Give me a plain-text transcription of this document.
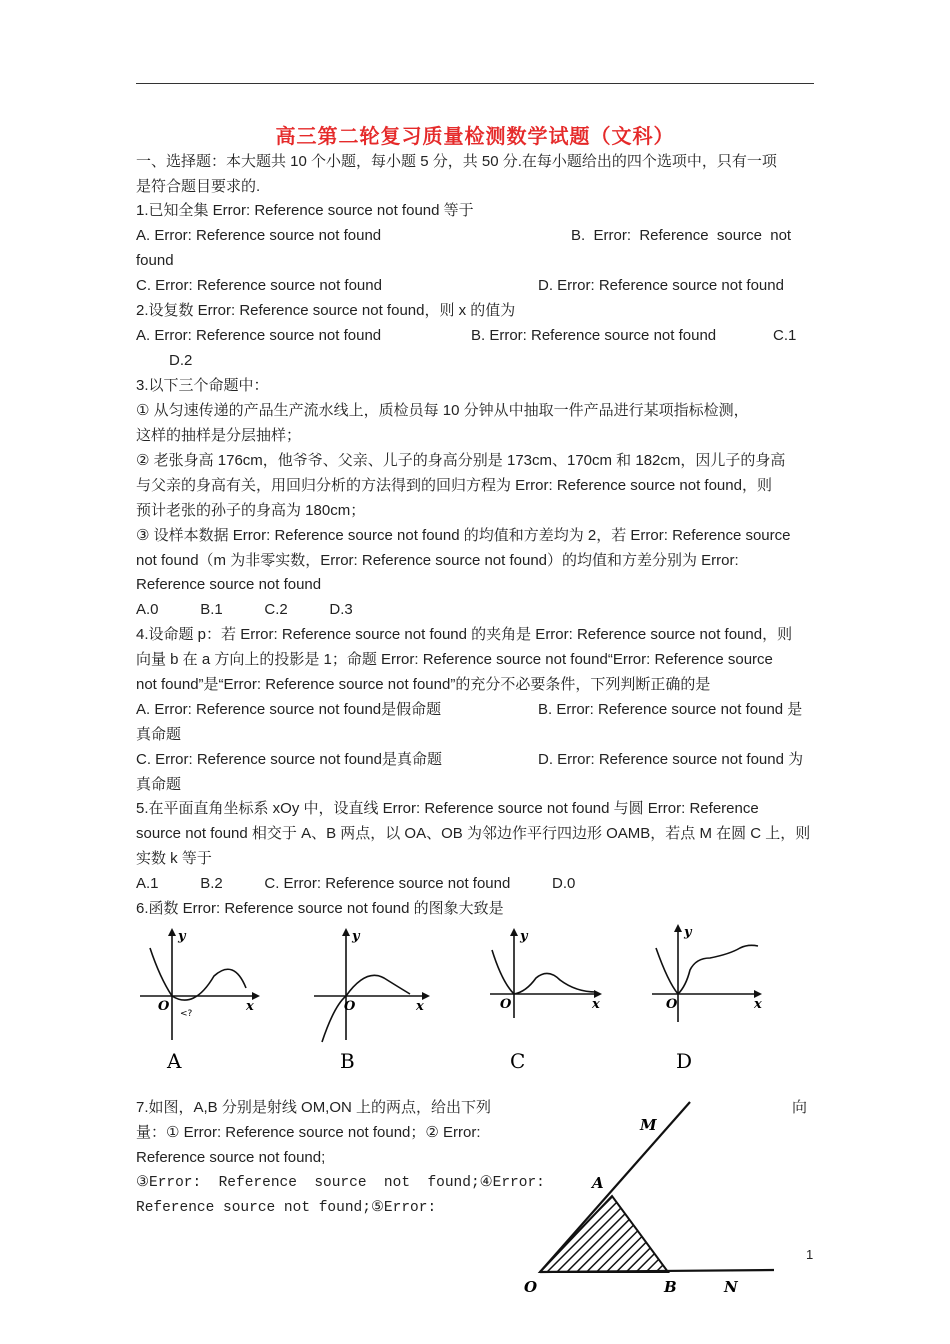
高三第二轮复习质量检测数学试题（文科）
一、选择题：本大题共 10 个小题，每小题 5 分，共 50 分.在每小题给出的四个选项中，只有一项
是符合题目要求的.
1.已知全集 Error: Reference source not found 等于
A. Error: Reference source not found	B.  Error:  Reference  source  not
found
C. Error: Reference source not found	D. Error: Reference source not found
2.设复数 Error: Reference source not found，则 x 的值为
A. Error: Reference source not found	B. Error: Reference source not found	C.1
D.2
3.以下三个命题中：
① 从匀速传递的产品生产流水线上，质检员每 10 分钟从中抽取一件产品进行某项指标检测，
这样的抽样是分层抽样；
② 老张身高 176cm，他爷爷、父亲、儿子的身高分别是 173cm、170cm 和 182cm，因儿子的身高
与父亲的身高有关，用回归分析的方法得到的回归方程为 Error: Reference source not found，则
预计老张的孙子的身高为 180cm；
③ 设样本数据 Error: Reference source not found 的均值和方差均为 2，若 Error: Reference source
not found（m 为非零实数，Error: Reference source not found）的均值和方差分别为 Error:
Reference source not found
A.0          B.1          C.2          D.3
4.设命题 p：若 Error: Reference source not found 的夹角是 Error: Reference source not found，则
向量 b 在 a 方向上的投影是 1；命题 Error: Reference source not found“Error: Reference source
not found”是“Error: Reference source not found”的充分不必要条件，下列判断正确的是
A. Error: Reference source not found是假命题	B. Error: Reference source not found 是
真命题
C. Error: Reference source not found是真命题	D. Error: Reference source not found 为
真命题
5.在平面直角坐标系 xOy 中，设直线 Error: Reference source not found 与圆 Error: Reference
source not found 相交于 A、B 两点，以 OA、OB 为邻边作平行四边形 OAMB，若点 M 在圆 C 上，则
实数 k 等于
A.1          B.2          C. Error: Reference source not found          D.0
6.函数 Error: Reference source not found 的图象大致是
y
x
O <?
A
y
x
O
B
y
x
O
C
y
x
O
D
7.如图，A,B 分别是射线 OM,ON 上的两点，给出下列	向
量：① Error: Reference source not found；② Error:
Reference source not found;
③Error:  Reference  source  not  found;④Error:
Reference source not found;⑤Error:
M
A
O	B	N
1
